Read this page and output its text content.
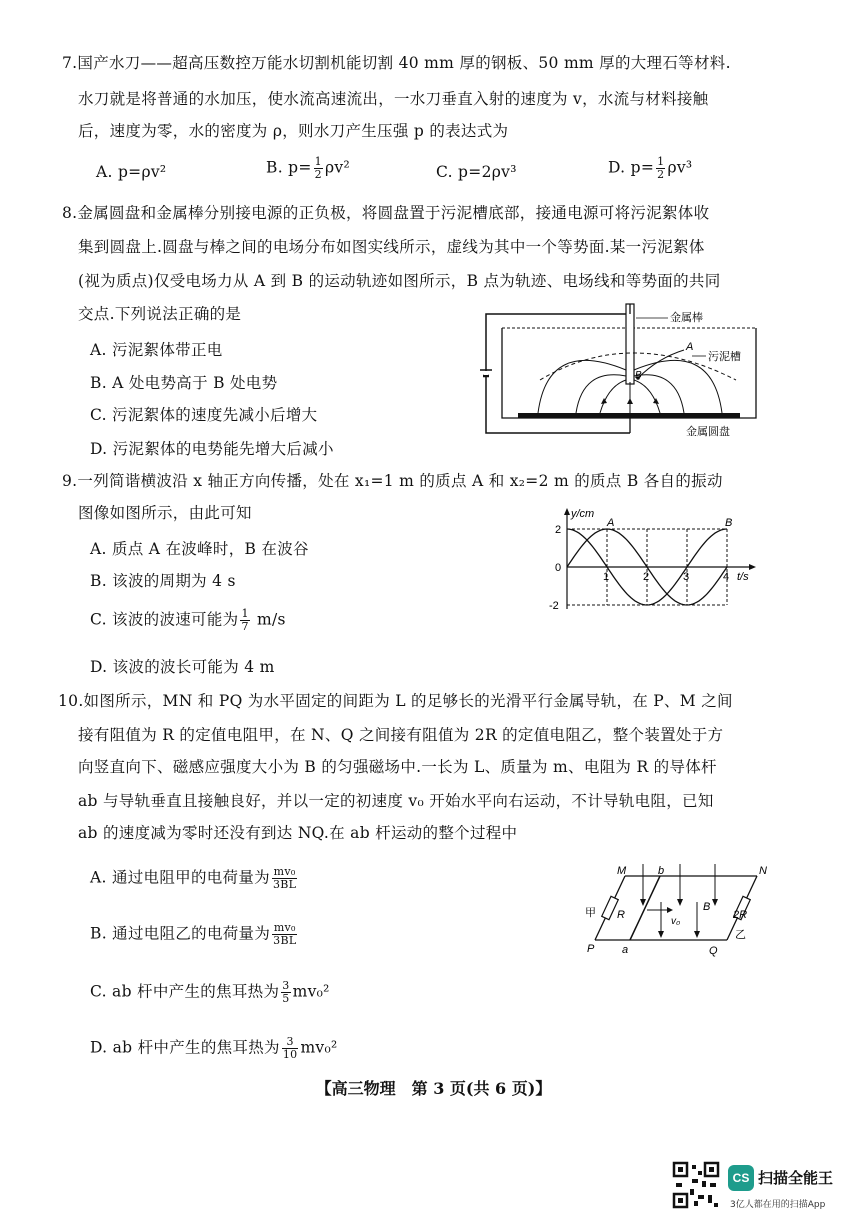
7.国产水刀——超高压数控万能水切割机能切割 40 mm 厚的钢板、50 mm 厚的大理石等材料.
水刀就是将普通的水加压，使水流高速流出，一水刀垂直入射的速度为 v，水流与材料接触
后，速度为零，水的密度为 ρ，则水刀产生压强 p 的表达式为
A. p=ρv²	B. $p= \frac{1}{2} \rho v^2$	C. p=2ρv³	D. $p= \frac{1}{2} \rho v^3$
8.金属圆盘和金属棒分别接电源的正负极，将圆盘置于污泥槽底部，接通电源可将污泥絮体收
集到圆盘上.圆盘与棒之间的电场分布如图实线所示，虚线为其中一个等势面.某一污泥絮体
(视为质点)仅受电场力从 A 到 B 的运动轨迹如图所示，B 点为轨迹、电场线和等势面的共同
交点.下列说法正确的是
A. 污泥絮体带正电
B. A 处电势高于 B 处电势
C. 污泥絮体的速度先减小后增大
D. 污泥絮体的电势能先增大后减小
A
B
金属棒
污泥槽
金属圆盘
9.一列简谐横波沿 x 轴正方向传播，处在 x₁=1 m 的质点 A 和 x₂=2 m 的质点 B 各自的振动
图像如图所示，由此可知
A. 质点 A 在波峰时，B 在波谷
B. 该波的周期为 4 s
C. 该波的波速可能为 $\frac{1}{7} m/s$
D. 该波的波长可能为 4 m
1	2	3	4
2
0
-2
y/cm
t/s
A	B
10.如图所示，MN 和 PQ 为水平固定的间距为 L 的足够长的光滑平行金属导轨，在 P、M 之间
接有阻值为 R 的定值电阻甲，在 N、Q 之间接有阻值为 2R 的定值电阻乙，整个装置处于方
向竖直向下、磁感应强度大小为 B 的匀强磁场中.一长为 L、质量为 m、电阻为 R 的导体杆
ab 与导轨垂直且接触良好，并以一定的初速度 v₀ 开始水平向右运动，不计导轨电阻，已知
ab 的速度减为零时还没有到达 NQ.在 ab 杆运动的整个过程中
A. 通过电阻甲的电荷量为 $\frac{\text{mv₀}}{3BL}$
B. 通过电阻乙的电荷量为 $\frac{\text{mv₀}}{3BL}$
C. ab 杆中产生的焦耳热为 $\frac{3}{5} mv_0^2$
D. ab 杆中产生的焦耳热为 $\frac{3}{10} mv_0^2$
M	N
P	Q
a
b
R	2R
甲
乙
v₀
B
【高三物理　第 3 页(共 6 页)】
CS 扫描全能王
3亿人都在用的扫描App
